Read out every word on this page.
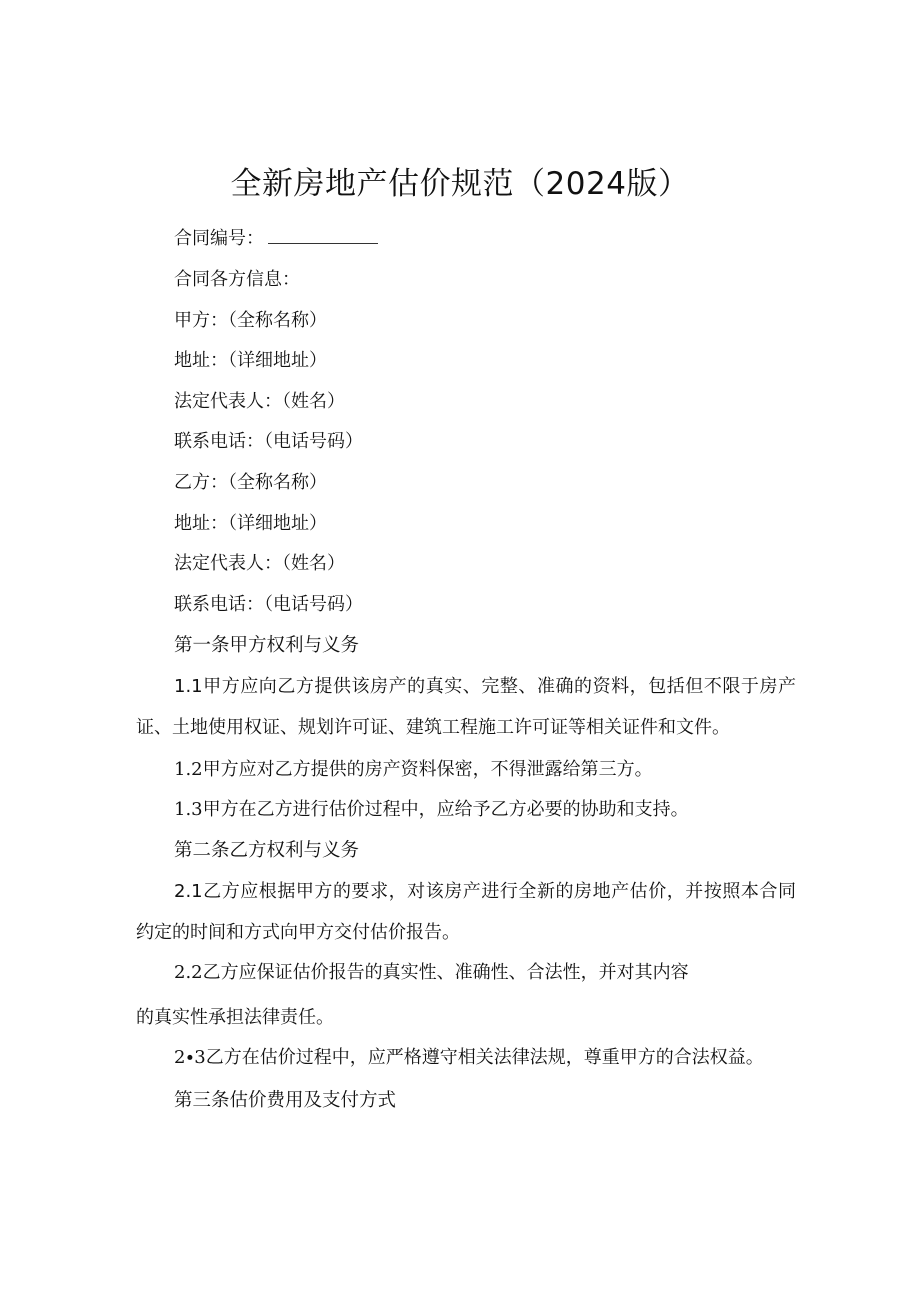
全新房地产估价规范（2024版）
合同编号：
合同各方信息：
甲方：（全称名称）
地址：（详细地址）
法定代表人：（姓名）
联系电话：（电话号码）
乙方：（全称名称）
地址：（详细地址）
法定代表人：（姓名）
联系电话：（电话号码）
第一条甲方权利与义务
1.1甲方应向乙方提供该房产的真实、完整、准确的资料，包括但不限于房产证、土地使用权证、规划许可证、建筑工程施工许可证等相关证件和文件。
1.2甲方应对乙方提供的房产资料保密，不得泄露给第三方。
1.3甲方在乙方进行估价过程中，应给予乙方必要的协助和支持。
第二条乙方权利与义务
2.1乙方应根据甲方的要求，对该房产进行全新的房地产估价，并按照本合同约定的时间和方式向甲方交付估价报告。
2.2乙方应保证估价报告的真实性、准确性、合法性，并对其内容
的真实性承担法律责任。
2∙3乙方在估价过程中，应严格遵守相关法律法规，尊重甲方的合法权益。
第三条估价费用及支付方式
